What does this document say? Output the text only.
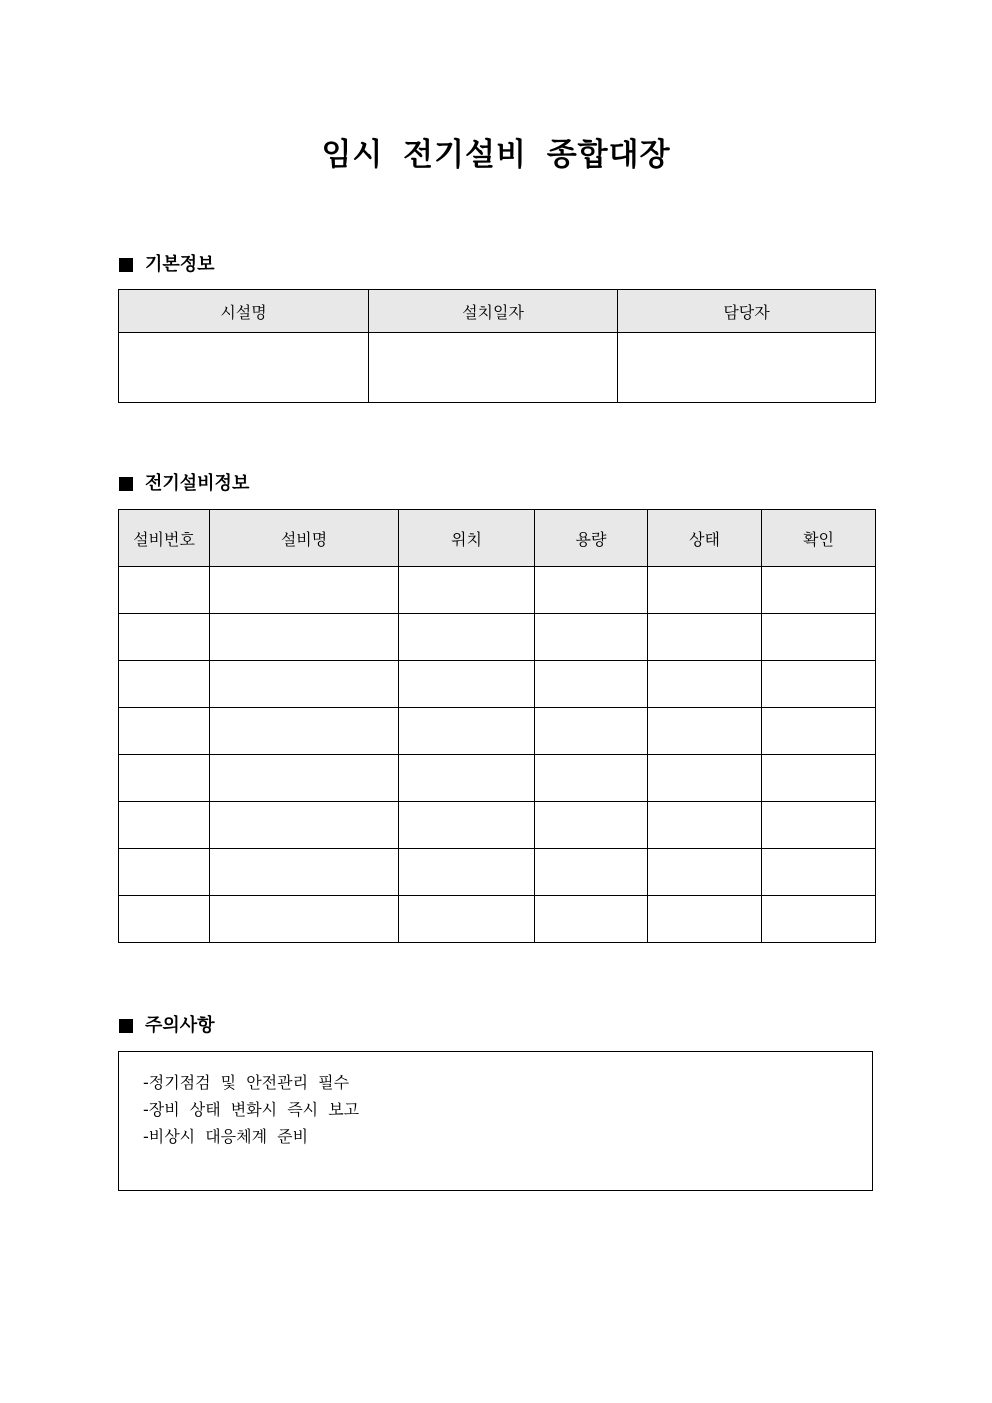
임시 전기설비 종합대장
기본정보
시설명	설치일자	담당자

전기설비정보
설비번호	설비명	위치	용량	상태	확인

주의사항
-정기점검 및 안전관리 필수
-장비 상태 변화시 즉시 보고
-비상시 대응체계 준비
